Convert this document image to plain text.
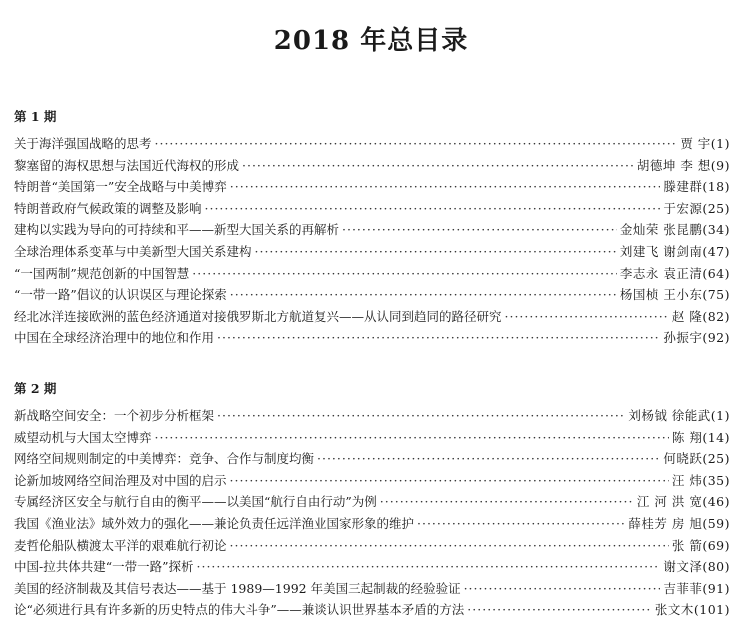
2018 年总目录
第 1 期
关于海洋强国战略的思考 ·····	贾 宇(1)
黎塞留的海权思想与法国近代海权的形成 ·····	胡德坤 李 想(9)
特朗普“美国第一”安全战略与中美博弈 ·····	滕建群(18)
特朗普政府气候政策的调整及影响 ·····	于宏源(25)
建构以实践为导向的可持续和平——新型大国关系的再解析 ·····	金灿荣 张昆鹏(34)
全球治理体系变革与中美新型大国关系建构 ·····	刘建飞 谢剑南(47)
“一国两制”规范创新的中国智慧 ·····	李志永 袁正清(64)
“一带一路”倡议的认识误区与理论探索 ·····	杨国桢 王小东(75)
经北冰洋连接欧洲的蓝色经济通道对接俄罗斯北方航道复兴——从认同到趋同的路径研究 ·····	赵 隆(82)
中国在全球经济治理中的地位和作用 ·····	孙振宇(92)
第 2 期
新战略空间安全：一个初步分析框架 ·····	刘杨钺 徐能武(1)
威望动机与大国太空博弈 ·····	陈 翔(14)
网络空间规则制定的中美博弈：竞争、合作与制度均衡 ·····	何晓跃(25)
论新加坡网络空间治理及对中国的启示 ·····	汪 炜(35)
专属经济区安全与航行自由的衡平——以美国“航行自由行动”为例 ·····	江 河 洪 宽(46)
我国《渔业法》域外效力的强化——兼论负责任远洋渔业国家形象的维护 ·····	薛桂芳 房 旭(59)
麦哲伦船队横渡太平洋的艰难航行初论 ·····	张 箭(69)
中国-拉共体共建“一带一路”探析 ·····	谢文泽(80)
美国的经济制裁及其信号表达——基于 1989—1992 年美国三起制裁的经验验证 ·····	吉菲菲(91)
论“必须进行具有许多新的历史特点的伟大斗争”——兼谈认识世界基本矛盾的方法 ·····	张文木(101)
